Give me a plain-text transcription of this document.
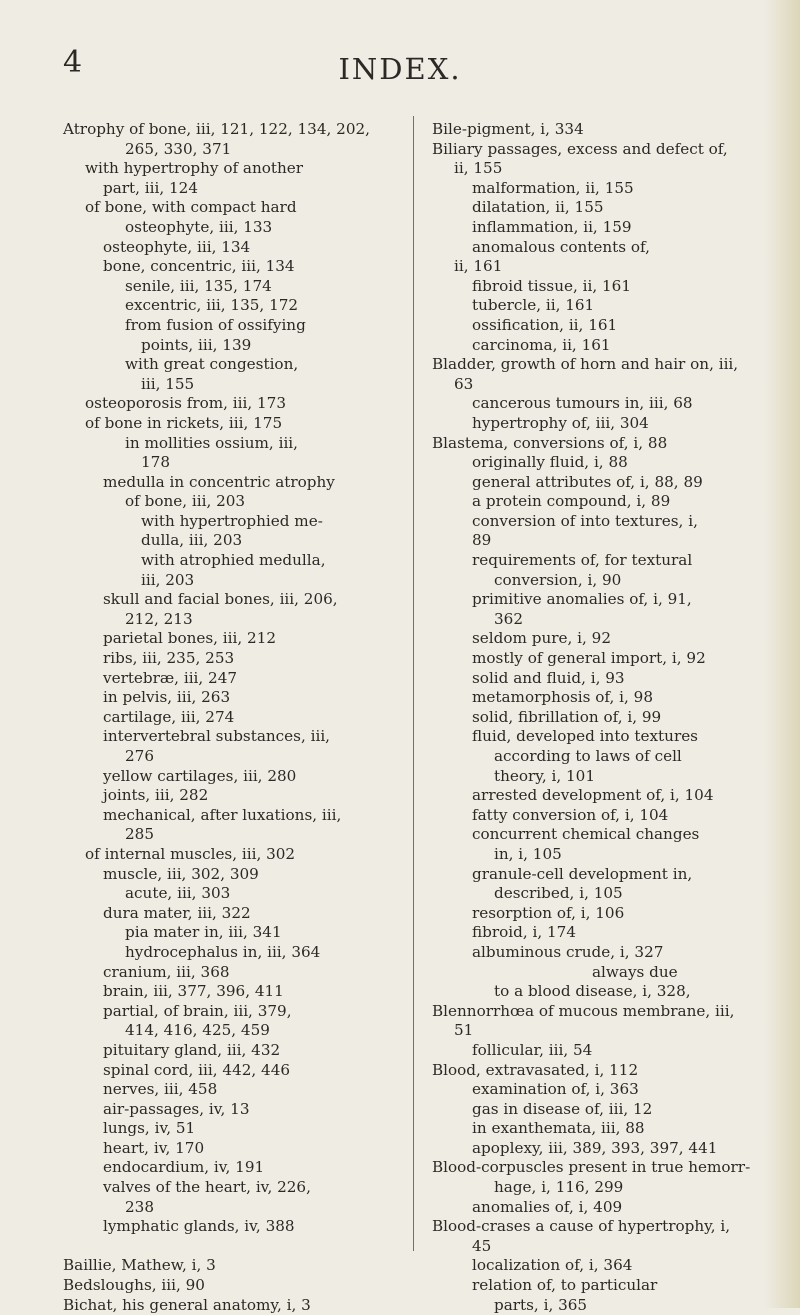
4	INDEX.
Atrophy of bone, iii, 121, 122, 134, 202,
265, 330, 371
with hypertrophy of another
part, iii, 124
of bone, with compact hard
osteophyte, iii, 133
osteophyte, iii, 134
bone, concentric, iii, 134
senile, iii, 135, 174
excentric, iii, 135, 172
from fusion of ossifying
points, iii, 139
with great congestion,
iii, 155
osteoporosis from, iii, 173
of bone in rickets, iii, 175
in mollities ossium, iii,
178
medulla in concentric atrophy
of bone, iii, 203
with hypertrophied me-
dulla, iii, 203
with atrophied medulla,
iii, 203
skull and facial bones, iii, 206,
212, 213
parietal bones, iii, 212
ribs, iii, 235, 253
vertebræ, iii, 247
in pelvis, iii, 263
cartilage, iii, 274
intervertebral substances, iii,
276
yellow cartilages, iii, 280
joints, iii, 282
mechanical, after luxations, iii,
285
of internal muscles, iii, 302
muscle, iii, 302, 309
acute, iii, 303
dura mater, iii, 322
pia mater in, iii, 341
hydrocephalus in, iii, 364
cranium, iii, 368
brain, iii, 377, 396, 411
partial, of brain, iii, 379,
414, 416, 425, 459
pituitary gland, iii, 432
spinal cord, iii, 442, 446
nerves, iii, 458
air-passages, iv, 13
lungs, iv, 51
heart, iv, 170
endocardium, iv, 191
valves of the heart, iv, 226,
238
lymphatic glands, iv, 388
Baillie, Mathew, i, 3
Bedsloughs, iii, 90
Bichat, his general anatomy, i, 3
Bile-pigment, i, 334
Biliary passages, excess and defect of,
ii, 155
malformation, ii, 155
dilatation, ii, 155
inflammation, ii, 159
anomalous contents of,
ii, 161
fibroid tissue, ii, 161
tubercle, ii, 161
ossification, ii, 161
carcinoma, ii, 161
Bladder, growth of horn and hair on, iii,
63
cancerous tumours in, iii, 68
hypertrophy of, iii, 304
Blastema, conversions of, i, 88
originally fluid, i, 88
general attributes of, i, 88, 89
a protein compound, i, 89
conversion of into textures, i,
89
requirements of, for textural
conversion, i, 90
primitive anomalies of, i, 91,
362
seldom pure, i, 92
mostly of general import, i, 92
solid and fluid, i, 93
metamorphosis of, i, 98
solid, fibrillation of, i, 99
fluid, developed into textures
according to laws of cell
theory, i, 101
arrested development of, i, 104
fatty conversion of, i, 104
concurrent chemical changes
in, i, 105
granule-cell development in,
described, i, 105
resorption of, i, 106
fibroid, i, 174
albuminous crude, i, 327
always due
to a blood disease, i, 328,
Blennorrhœa of mucous membrane, iii,
51
follicular, iii, 54
Blood, extravasated, i, 112
examination of, i, 363
gas in disease of, iii, 12
in exanthemata, iii, 88
apoplexy, iii, 389, 393, 397, 441
Blood-corpuscles present in true hemorr-
hage, i, 116, 299
anomalies of, i, 409
Blood-crases a cause of hypertrophy, i,
45
localization of, i, 364
relation of, to particular
parts, i, 365
